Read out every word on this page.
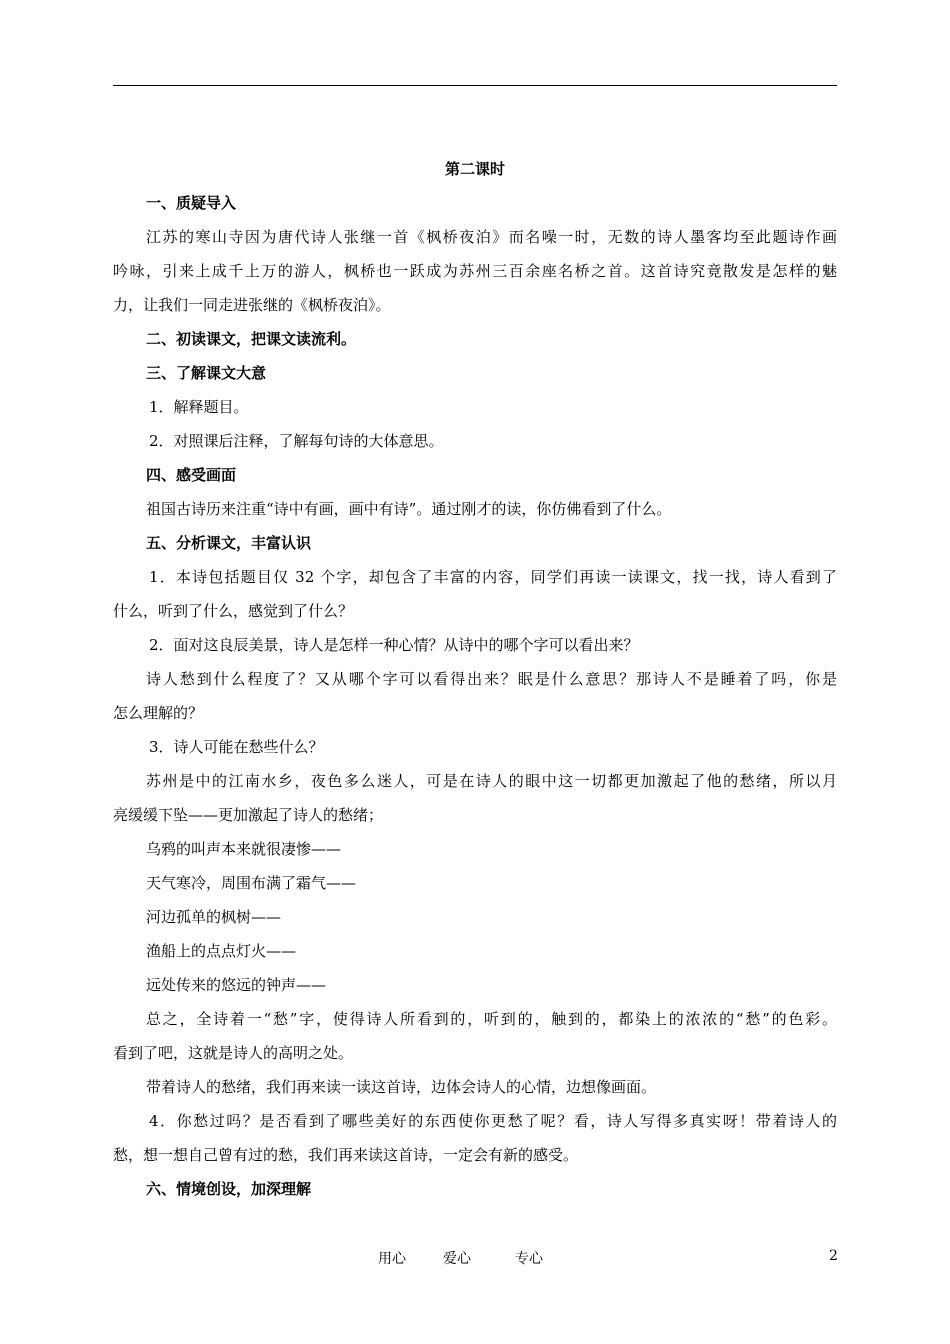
第二课时
一、质疑导入
江苏的寒山寺因为唐代诗人张继一首《枫桥夜泊》而名噪一时，无数的诗人墨客均至此题诗作画
吟咏，引来上成千上万的游人，枫桥也一跃成为苏州三百余座名桥之首。这首诗究竟散发是怎样的魅
力，让我们一同走进张继的《枫桥夜泊》。
二、初读课文，把课文读流利。
三、了解课文大意
1．解释题目。
2．对照课后注释，了解每句诗的大体意思。
四、感受画面
祖国古诗历来注重“诗中有画，画中有诗”。通过刚才的读，你仿佛看到了什么。
五、分析课文，丰富认识
1．本诗包括题目仅 32 个字，却包含了丰富的内容，同学们再读一读课文，找一找，诗人看到了
什么，听到了什么，感觉到了什么？
2．面对这良辰美景，诗人是怎样一种心情？从诗中的哪个字可以看出来？
诗人愁到什么程度了？又从哪个字可以看得出来？眠是什么意思？那诗人不是睡着了吗，你是
怎么理解的？
3．诗人可能在愁些什么？
苏州是中的江南水乡，夜色多么迷人，可是在诗人的眼中这一切都更加激起了他的愁绪，所以月
亮缓缓下坠——更加激起了诗人的愁绪；
乌鸦的叫声本来就很凄惨——
天气寒冷，周围布满了霜气——
河边孤单的枫树——
渔船上的点点灯火——
远处传来的悠远的钟声——
总之，全诗着一“愁”字，使得诗人所看到的，听到的，触到的，都染上的浓浓的“愁”的色彩。
看到了吧，这就是诗人的高明之处。
带着诗人的愁绪，我们再来读一读这首诗，边体会诗人的心情，边想像画面。
4．你愁过吗？是否看到了哪些美好的东西使你更愁了呢？看，诗人写得多真实呀！带着诗人的
愁，想一想自己曾有过的愁，我们再来读这首诗，一定会有新的感受。
六、情境创设，加深理解
用心	爱心	专心	2
